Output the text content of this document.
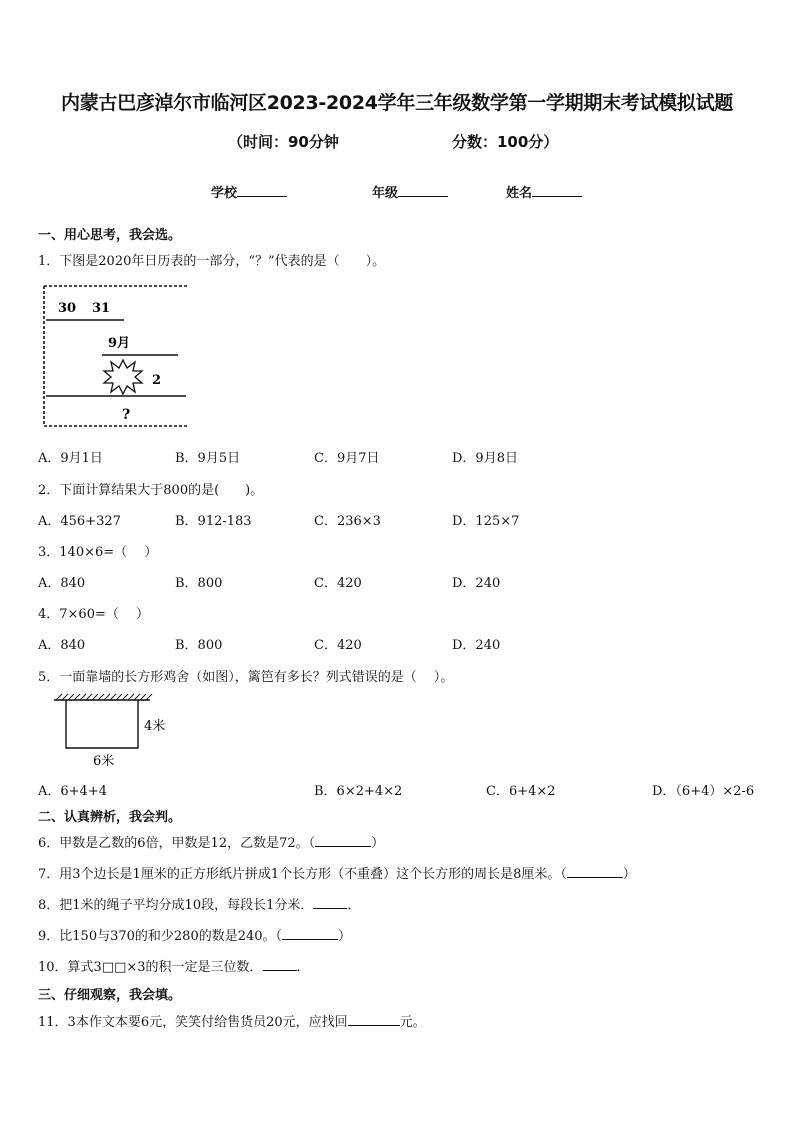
内蒙古巴彦淖尔市临河区2023-2024学年三年级数学第一学期期末考试模拟试题
（时间：90分钟	分数：100分）
学校	年级	姓名
一、用心思考，我会选。
1．下图是2020年日历表的一部分，“？”代表的是（　　）。
30 31
9月
2
?
A．9月1日	B．9月5日	C．9月7日	D．9月8日
2．下面计算结果大于800的是(　　)。
A．456+327	B．912-183	C．236×3	D．125×7
3．140×6=（　 ）
A．840	B．800	C．420	D．240
4．7×60=（　 ）
A．840	B．800	C．420	D．240
5．一面靠墙的长方形鸡舍（如图），篱笆有多长？列式错误的是（　 ）。
4米
6米
A．6+4+4	B．6×2+4×2	C．6+4×2	D．（6+4）×2-6
二、认真辨析，我会判。
6．甲数是乙数的6倍，甲数是12，乙数是72。（	）
7．用3个边长是1厘米的正方形纸片拼成1个长方形（不重叠）这个长方形的周长是8厘米。（	）
8．把1米的绳子平均分成10段，每段长1分米．	．
9．比150与370的和少280的数是240。（	）
10．算式3□□×3的积一定是三位数．	．
三、仔细观察，我会填。
11．3本作文本要6元，笑笑付给售货员20元，应找回	元。
